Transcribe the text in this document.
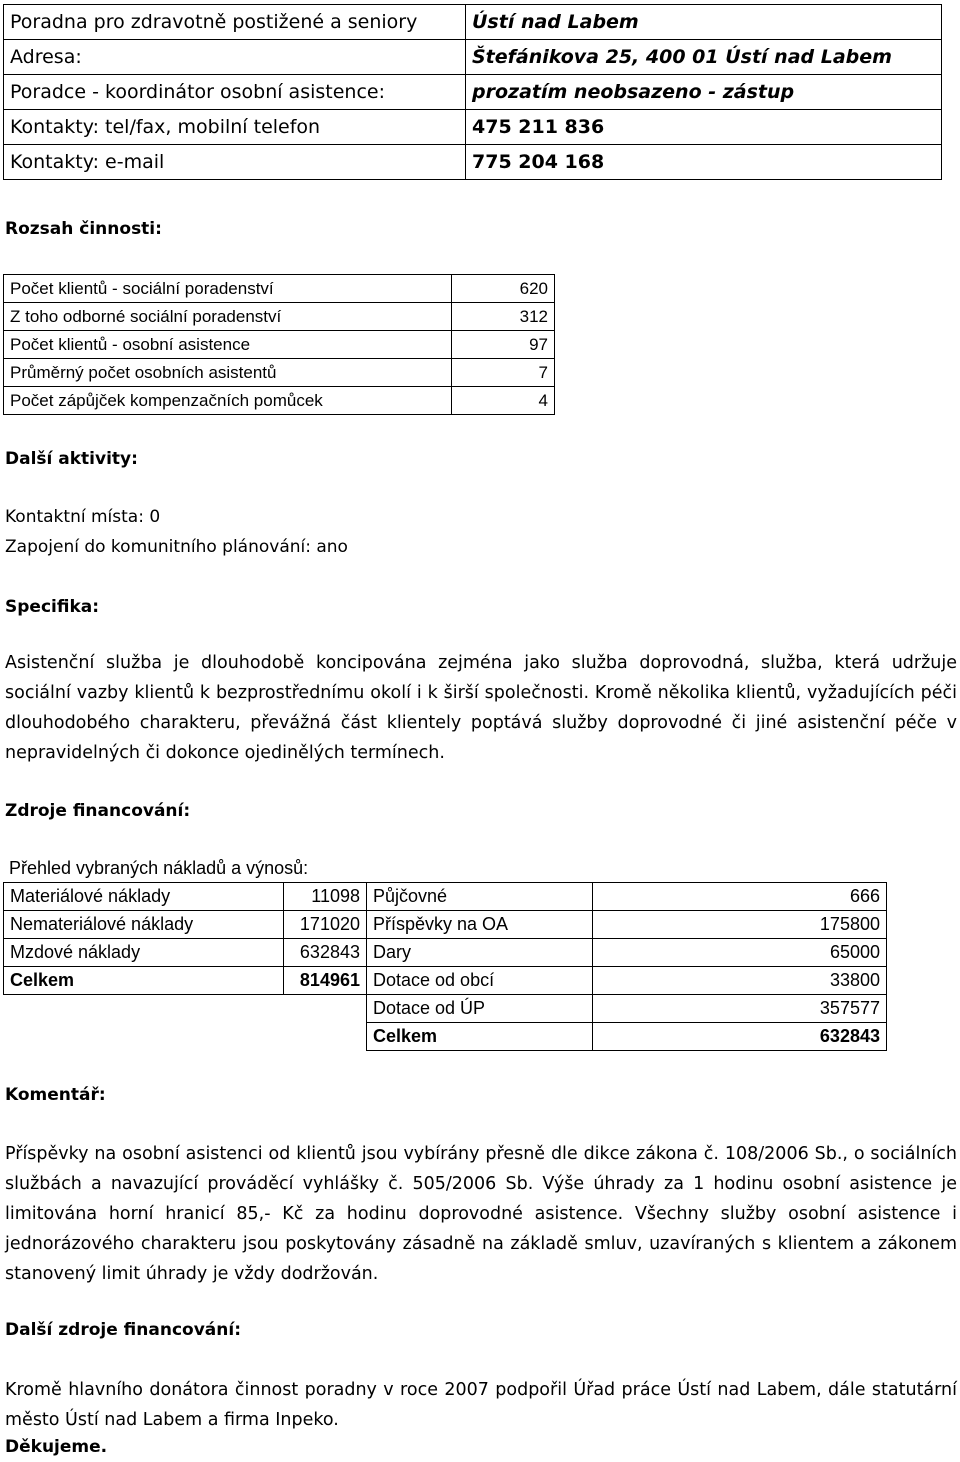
Poradna pro zdravotně postižené a seniory	Ústí nad Labem
Adresa:	Štefánikova 25, 400 01 Ústí nad Labem
Poradce - koordinátor osobní asistence:	prozatím neobsazeno - zástup
Kontakty: tel/fax, mobilní telefon	475 211 836
Kontakty: e-mail	775 204 168
Rozsah činnosti:
Počet klientů - sociální poradenství	620
Z toho odborné sociální poradenství	312
Počet klientů - osobní asistence	97
Průměrný počet osobních asistentů	7
Počet zápůjček kompenzačních pomůcek	4
Další aktivity:
Kontaktní místa: 0
Zapojení do komunitního plánování: ano
Specifika:
Asistenční služba je dlouhodobě koncipována zejména jako služba doprovodná, služba, která udržuje sociální vazby klientů k bezprostřednímu okolí i k širší společnosti. Kromě několika klientů, vyžadujících péči dlouhodobého charakteru, převážná část klientely poptává služby doprovodné či jiné asistenční péče v nepravidelných či dokonce ojedinělých termínech.
Zdroje financování:
Přehled vybraných nákladů a výnosů:
Materiálové náklady	11098	Půjčovné	666
Nemateriálové náklady	171020	Příspěvky na OA	175800
Mzdové náklady	632843	Dary	65000
Celkem	814961	Dotace od obcí	33800
		Dotace od ÚP	357577
		Celkem	632843
Komentář:
Příspěvky na osobní asistenci od klientů jsou vybírány přesně dle dikce zákona č. 108/2006 Sb., o sociálních službách a navazující prováděcí vyhlášky č. 505/2006 Sb. Výše úhrady za 1 hodinu osobní asistence je limitována horní hranicí 85,- Kč za hodinu doprovodné asistence. Všechny služby osobní asistence i jednorázového charakteru jsou poskytovány zásadně na základě smluv, uzavíraných s klientem a zákonem stanovený limit úhrady je vždy dodržován.
Další zdroje financování:
Kromě hlavního donátora činnost poradny v roce 2007 podpořil Úřad práce Ústí nad Labem, dále statutární město Ústí nad Labem a firma Inpeko.
Děkujeme.
